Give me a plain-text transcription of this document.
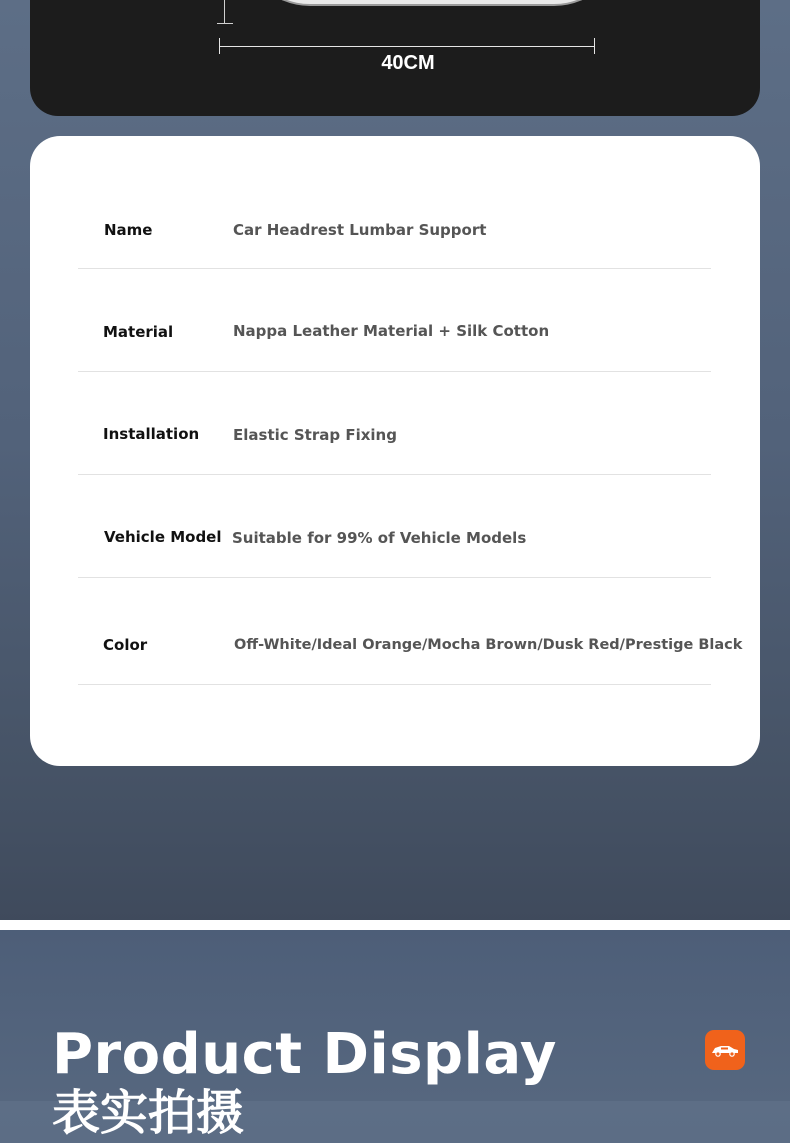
40CM
Name	Car Headrest Lumbar Support
Material	Nappa Leather Material + Silk Cotton
Installation Elastic Strap Fixing
Vehicle Model Suitable for 99% of Vehicle Models
Color	Off-White/Ideal Orange/Mocha Brown/Dusk Red/Prestige Black
Product Display
表实拍摄
